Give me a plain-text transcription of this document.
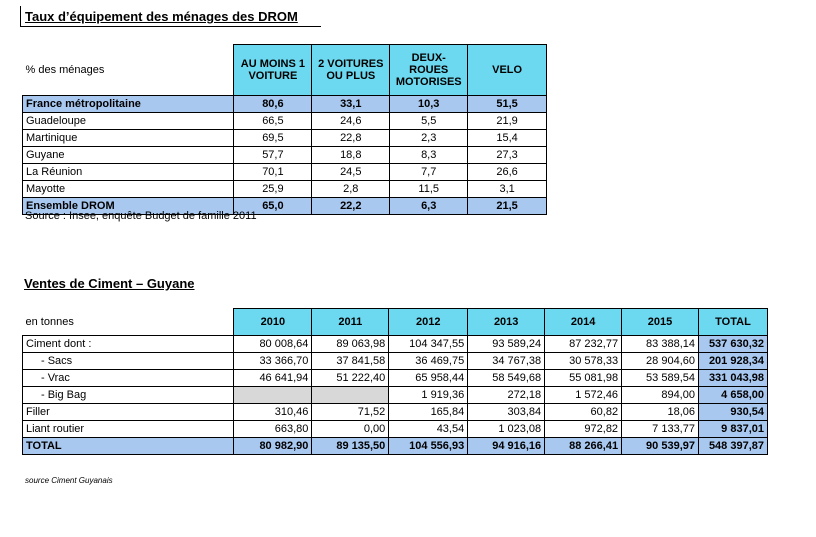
Taux d’équipement des ménages des DROM
% des ménages	AU MOINS 1 VOITURE	2 VOITURES OU PLUS	DEUX-ROUES MOTORISES	VELO
France métropolitaine	80,6	33,1	10,3	51,5
Guadeloupe	66,5	24,6	5,5	21,9
Martinique	69,5	22,8	2,3	15,4
Guyane	57,7	18,8	8,3	27,3
La Réunion	70,1	24,5	7,7	26,6
Mayotte	25,9	2,8	11,5	3,1
Ensemble DROM	65,0	22,2	6,3	21,5
Source : Insee, enquête Budget de famille 2011
Ventes de Ciment – Guyane
en tonnes	2010	2011	2012	2013	2014	2015	TOTAL
Ciment dont :	80 008,64	89 063,98	104 347,55	93 589,24	87 232,77	83 388,14	537 630,32
- Sacs	33 366,70	37 841,58	36 469,75	34 767,38	30 578,33	28 904,60	201 928,34
- Vrac	46 641,94	51 222,40	65 958,44	58 549,68	55 081,98	53 589,54	331 043,98
- Big Bag			1 919,36	272,18	1 572,46	894,00	4 658,00
Filler	310,46	71,52	165,84	303,84	60,82	18,06	930,54
Liant routier	663,80	0,00	43,54	1 023,08	972,82	7 133,77	9 837,01
TOTAL	80 982,90	89 135,50	104 556,93	94 916,16	88 266,41	90 539,97	548 397,87
source Ciment Guyanais
